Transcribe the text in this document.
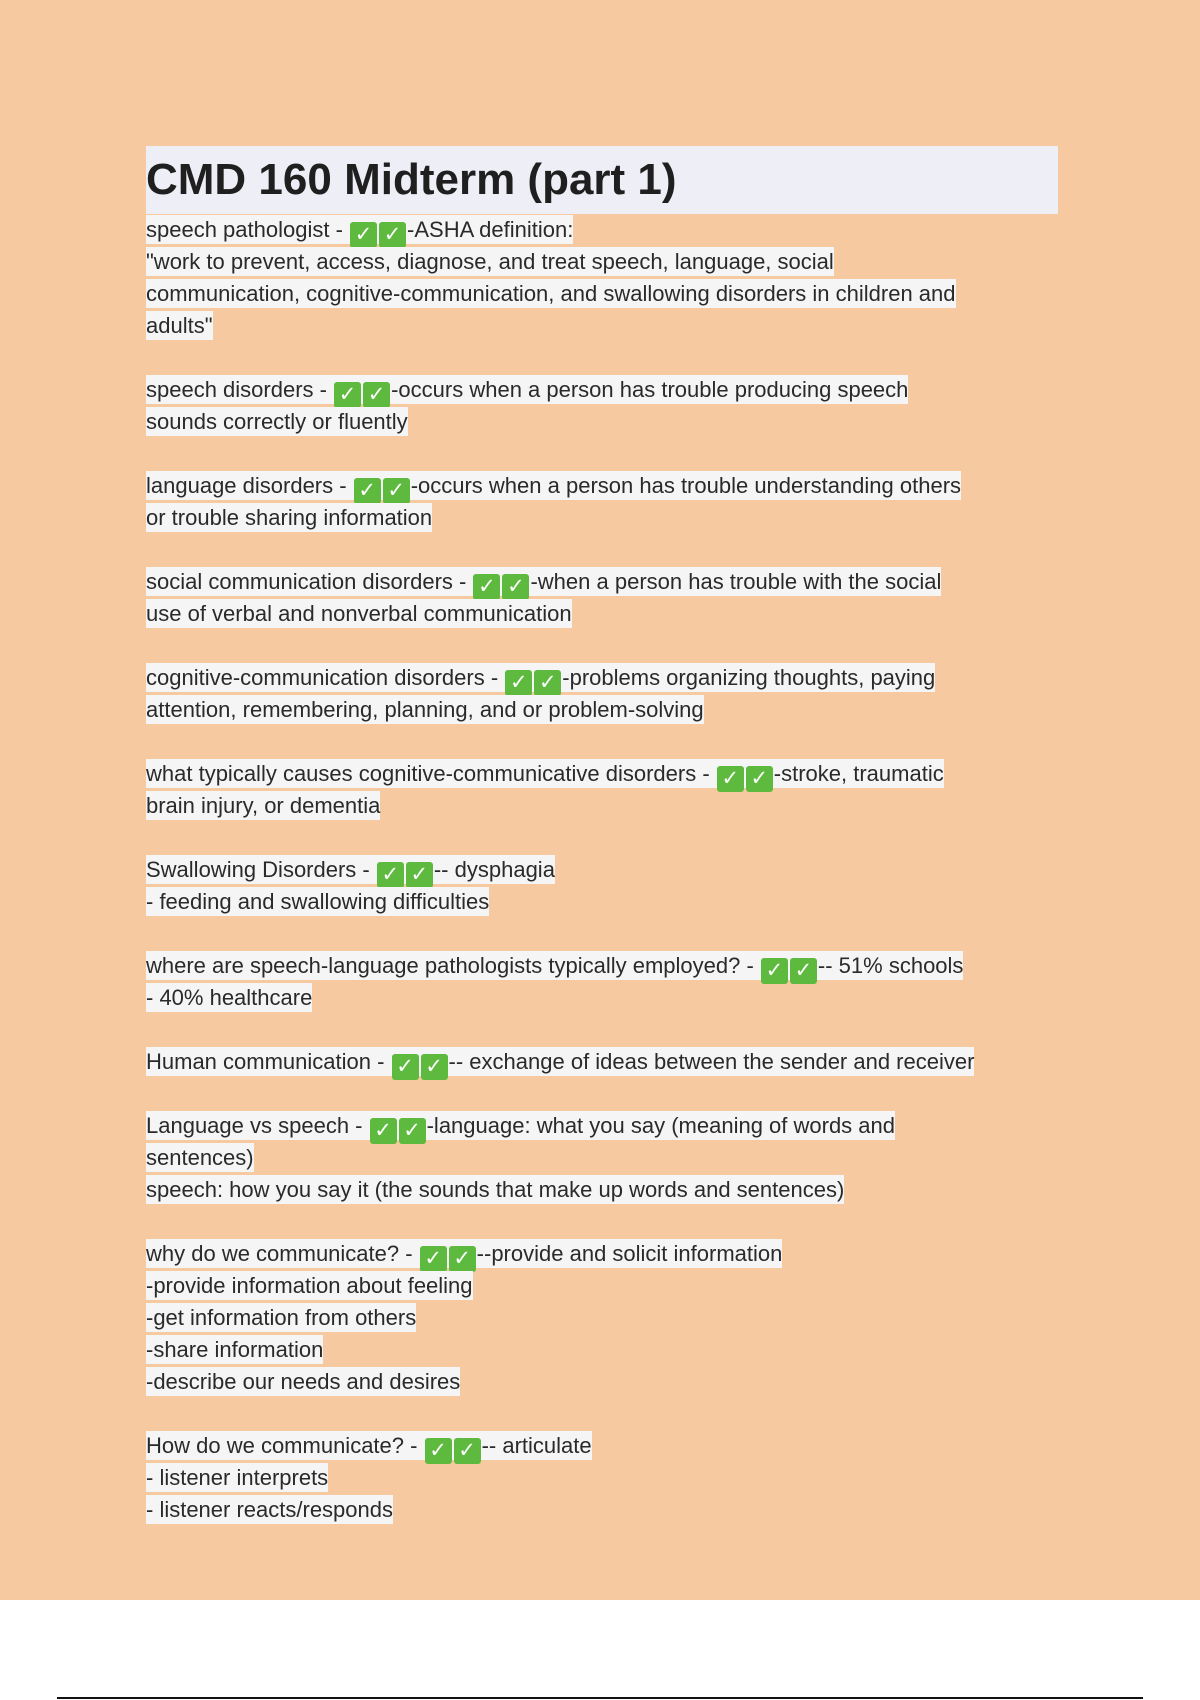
CMD 160 Midterm (part 1)
speech pathologist - ✓ ✓ -ASHA definition:
"work to prevent, access, diagnose, and treat speech, language, social
communication, cognitive-communication, and swallowing disorders in children and
adults"
speech disorders - ✓ ✓ -occurs when a person has trouble producing speech
sounds correctly or fluently
language disorders - ✓ ✓ -occurs when a person has trouble understanding others
or trouble sharing information
social communication disorders - ✓ ✓ -when a person has trouble with the social
use of verbal and nonverbal communication
cognitive-communication disorders - ✓ ✓ -problems organizing thoughts, paying
attention, remembering, planning, and or problem-solving
what typically causes cognitive-communicative disorders - ✓ ✓ -stroke, traumatic
brain injury, or dementia
Swallowing Disorders - ✓ ✓ -- dysphagia
- feeding and swallowing difficulties
where are speech-language pathologists typically employed? - ✓ ✓ -- 51% schools
- 40% healthcare
Human communication - ✓ ✓ -- exchange of ideas between the sender and receiver
Language vs speech - ✓ ✓ -language: what you say (meaning of words and
sentences)
speech: how you say it (the sounds that make up words and sentences)
why do we communicate? - ✓ ✓ --provide and solicit information
-provide information about feeling
-get information from others
-share information
-describe our needs and desires
How do we communicate? - ✓ ✓ -- articulate
- listener interprets
- listener reacts/responds
